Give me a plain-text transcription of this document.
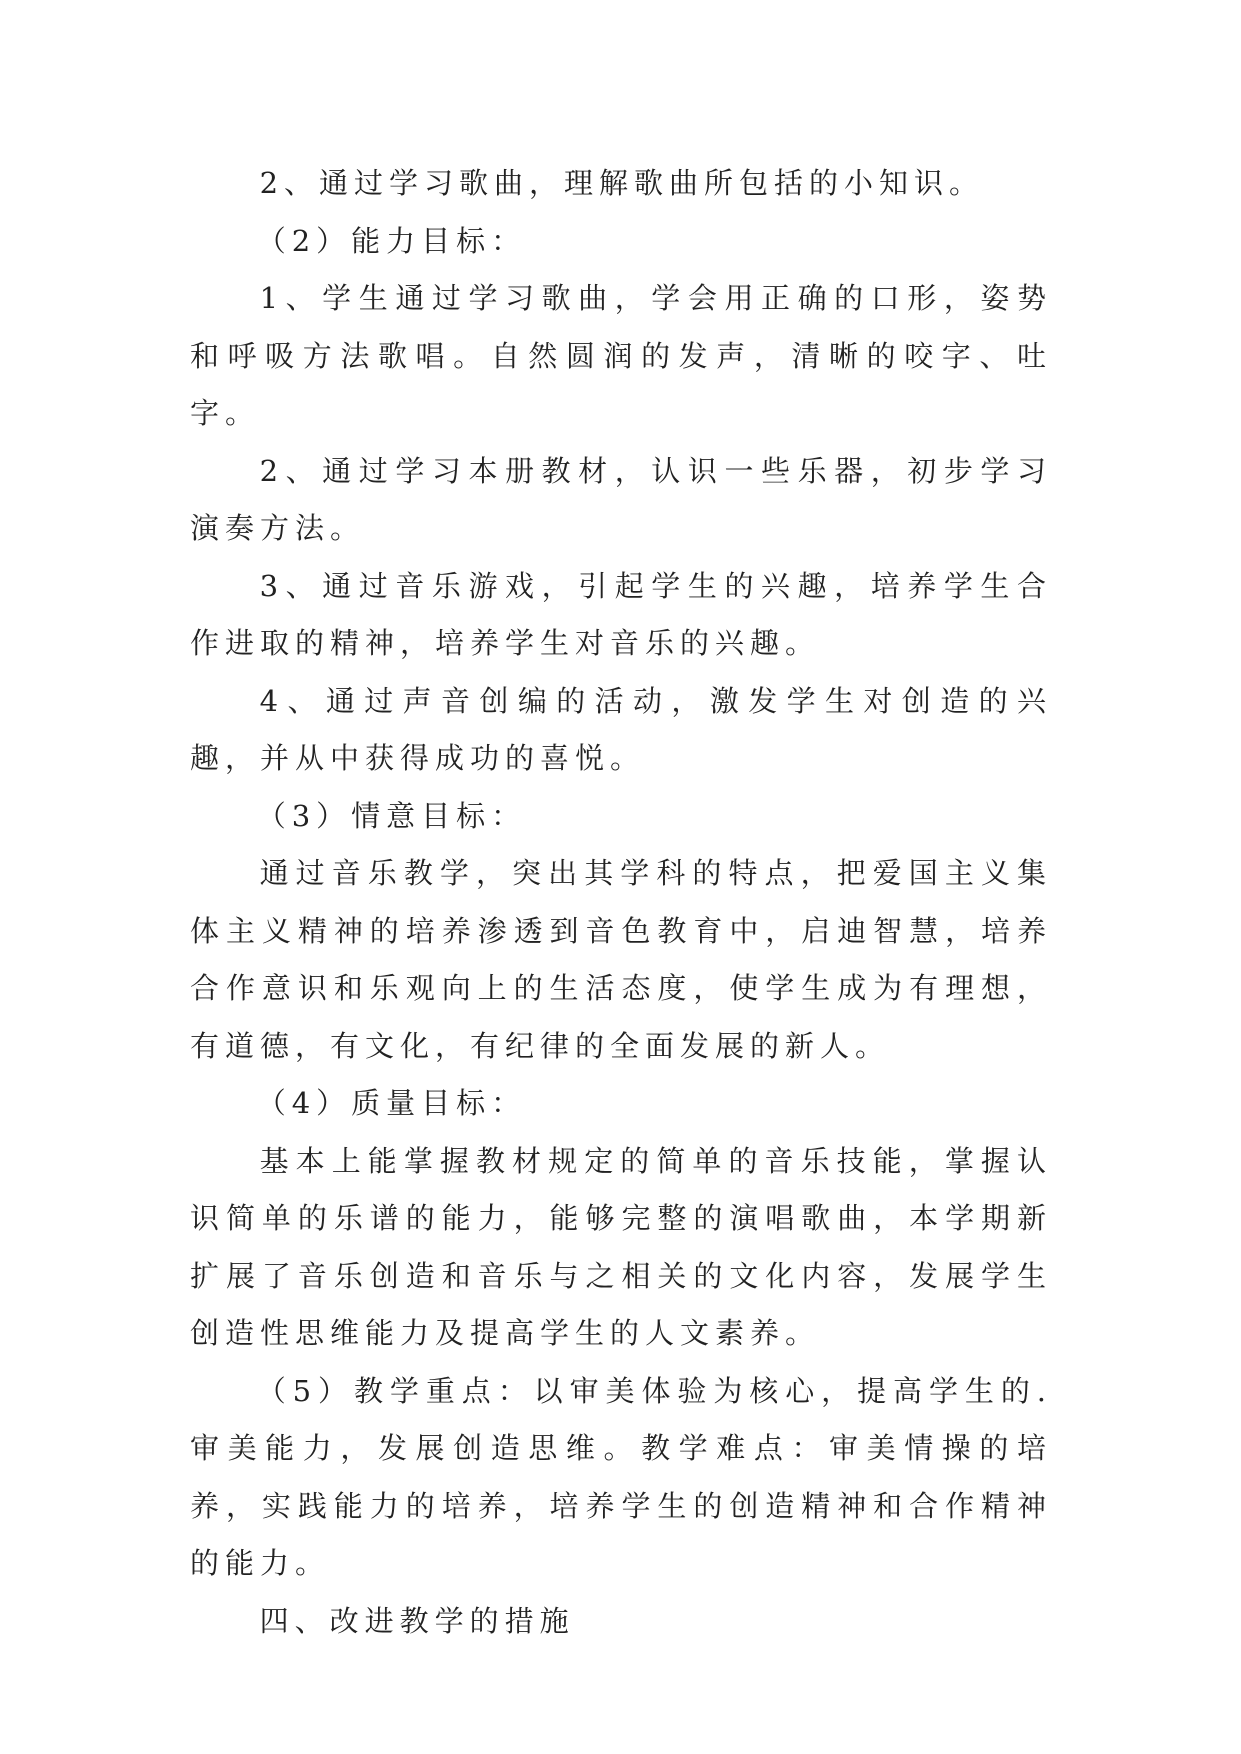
2、通过学习歌曲，理解歌曲所包括的小知识。

（2）能力目标：

1、学生通过学习歌曲，学会用正确的口形，姿势和呼吸方法歌唱。自然圆润的发声，清晰的咬字、吐字。

2、通过学习本册教材，认识一些乐器，初步学习演奏方法。

3、通过音乐游戏，引起学生的兴趣，培养学生合作进取的精神，培养学生对音乐的兴趣。

4、通过声音创编的活动，激发学生对创造的兴趣，并从中获得成功的喜悦。

（3）情意目标：

通过音乐教学，突出其学科的特点，把爱国主义集体主义精神的培养渗透到音色教育中，启迪智慧，培养合作意识和乐观向上的生活态度，使学生成为有理想，有道德，有文化，有纪律的全面发展的新人。

（4）质量目标：

基本上能掌握教材规定的简单的音乐技能，掌握认识简单的乐谱的能力，能够完整的演唱歌曲，本学期新扩展了音乐创造和音乐与之相关的文化内容，发展学生创造性思维能力及提高学生的人文素养。

（5）教学重点：以审美体验为核心，提高学生的.审美能力，发展创造思维。教学难点：审美情操的培养，实践能力的培养，培养学生的创造精神和合作精神的能力。

四、改进教学的措施
